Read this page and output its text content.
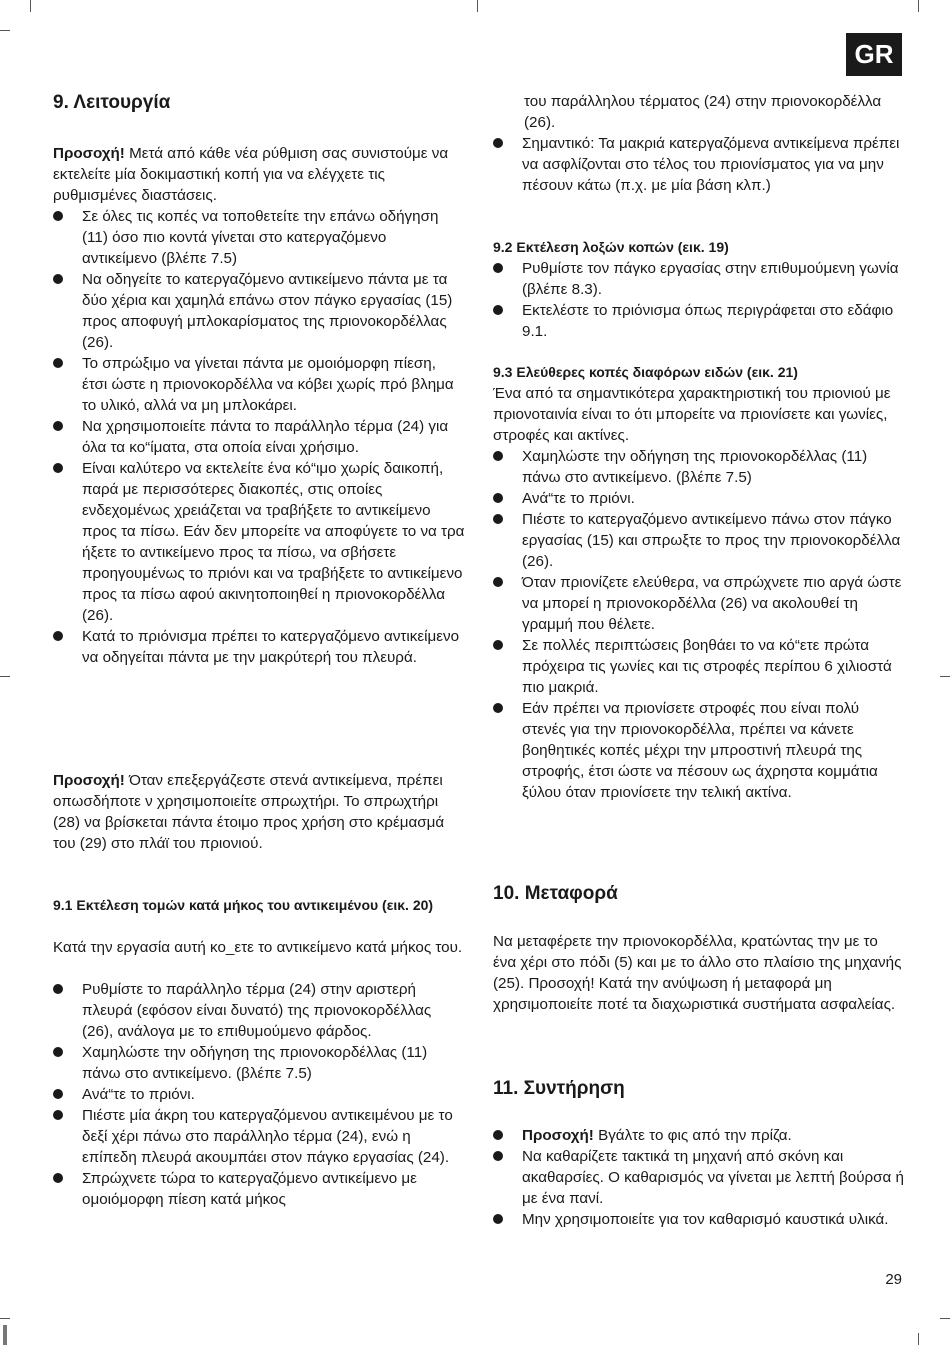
GR
9. Λειτουργία

Προσοχή! Μετά από κάθε νέα ρύθμιση σας συνιστούμε να εκτελείτε μία δοκιμαστική κοπή για να ελέγχετε τις ρυθμισμένες διαστάσεις.

Σε όλες τις κοπές να τοποθετείτε την επάνω οδήγηση (11) όσο πιο κοντά γίνεται στο κατεργαζόμενο αντικείμενο (βλέπε 7.5)
Να οδηγείτε το κατεργαζόμενο αντικείμενο πάντα με τα δύο χέρια και χαμηλά επάνω στον πάγκο εργασίας (15) προς αποφυγή μπλοκαρίσματος της πριονοκορδέλλας (26).
Το σπρώξιμο να γίνεται πάντα με ομοιόμορφη πίεση, έτσι ώστε η πριονοκορδέλλα να κόβει χωρίς πρό βλημα το υλικό, αλλά να μη μπλοκάρει.
Να χρησιμοποιείτε πάντα το παράλληλο τέρμα (24) για όλα τα κο“ίματα, στα οποία είναι χρήσιμο.
Είναι καλύτερο να εκτελείτε ένα κό“ιμο χωρίς δαικοπή, παρά με περισσότερες διακοπές, στις οποίες ενδεχομένως χρειάζεται να τραβήξετε το αντικείμενο προς τα πίσω. Εάν δεν μπορείτε να αποφύγετε το να τρα ήξετε το αντικείμενο προς τα πίσω, να σβήσετε προηγουμένως το πριόνι και να τραβήξετε το αντικείμενο προς τα πίσω αφού ακινητοποιηθεί η πριονοκορδέλλα (26).
Κατά το πριόνισμα πρέπει το κατεργαζόμενο αντικείμενο να οδηγείται πάντα με την μακρύτερή του πλευρά.

Προσοχή! Όταν επεξεργάζεστε στενά αντικείμενα, πρέπει οπωσδήποτε ν χρησιμοποιείτε σπρωχτήρι. Το σπρωχτήρι (28) να βρίσκεται πάντα έτοιμο προς χρήση στο κρέμασμά του (29) στο πλάϊ του πριονιού.

9.1 Εκτέλεση τομών κατά μήκος του αντικειμένου (εικ. 20)

Κατά την εργασία αυτή κο_ετε το αντικείμενο κατά μήκος του.

Ρυθμίστε το παράλληλο τέρμα (24) στην αριστερή πλευρά (εφόσον είναι δυνατό) της πριονοκορδέλλας (26), ανάλογα με το επιθυμούμενο φάρδος.
Χαμηλώστε την οδήγηση της πριονοκορδέλλας (11) πάνω στο αντικείμενο. (βλέπε 7.5)
Ανά“τε το πριόνι.
Πιέστε μία άκρη του κατεργαζόμενου αντικειμένου με το δεξί χέρι πάνω στο παράλληλο τέρμα (24), ενώ η επίπεδη πλευρά ακουμπάει στον πάγκο εργασίας (24).
Σπρώχνετε τώρα το κατεργαζόμενο αντικείμενο με ομοιόμορφη πίεση κατά μήκος

του παράλληλου τέρματος (24) στην πριονοκορδέλλα (26).

Σημαντικό: Τα μακριά κατεργαζόμενα αντικείμενα πρέπει να ασφλίζονται στο τέλος του πριονίσματος για να μην πέσουν κάτω (π.χ. με μία βάση κλπ.)
9.2 Εκτέλεση λοξών κοπών (εικ. 19)
Ρυθμίστε τον πάγκο εργασίας στην επιθυμούμενη γωνία (βλέπε 8.3).
Εκτελέστε το πριόνισμα όπως περιγράφεται στο εδάφιο 9.1.
9.3 Ελεύθερες κοπές διαφόρων ειδών (εικ. 21)

Ένα από τα σημαντικότερα χαρακτηριστική του πριονιού με πριονοταινία είναι το ότι μπορείτε να πριονίσετε και γωνίες, στροφές και ακτίνες.

Χαμηλώστε την οδήγηση της πριονοκορδέλλας (11) πάνω στο αντικείμενο. (βλέπε 7.5)
Ανά“τε το πριόνι.
Πιέστε το κατεργαζόμενο αντικείμενο πάνω στον πάγκο εργασίας (15) και σπρωξτε το προς την πριονοκορδέλλα (26).
Όταν πριονίζετε ελεύθερα, να σπρώχνετε πιο αργά ώστε να μπορεί η πριονοκορδέλλα (26) να ακολουθεί τη γραμμή που θέλετε.
Σε πολλές περιπτώσεις βοηθάει το να κό“ετε πρώτα πρόχειρα τις γωνίες και τις στροφές περίπου 6 χιλιοστά πιο μακριά.
Εάν πρέπει να πριονίσετε στροφές που είναι πολύ στενές για την πριονοκορδέλλα, πρέπει να κάνετε βοηθητικές κοπές μέχρι την μπροστινή πλευρά της στροφής, έτσι ώστε να πέσουν ως άχρηστα κομμάτια ξύλου όταν πριονίσετε την τελική ακτίνα.
10. Μεταφορά

Να μεταφέρετε την πριονοκορδέλλα, κρατώντας την με το ένα χέρι στο πόδι (5) και με το άλλο στο πλαίσιο της μηχανής (25). Προσοχή! Κατά την ανύψωση ή μεταφορά μη χρησιμοποιείτε ποτέ τα διαχωριστικά συστήματα ασφαλείας.

11. Συντήρηση
Προσοχή! Βγάλτε το φις από την πρίζα.
Να καθαρίζετε τακτικά τη μηχανή από σκόνη και ακαθαρσίες. Ο καθαρισμός να γίνεται με λεπτή βούρσα ή με ένα πανί.
Μην χρησιμοποιείτε για τον καθαρισμό καυστικά υλικά.
29
